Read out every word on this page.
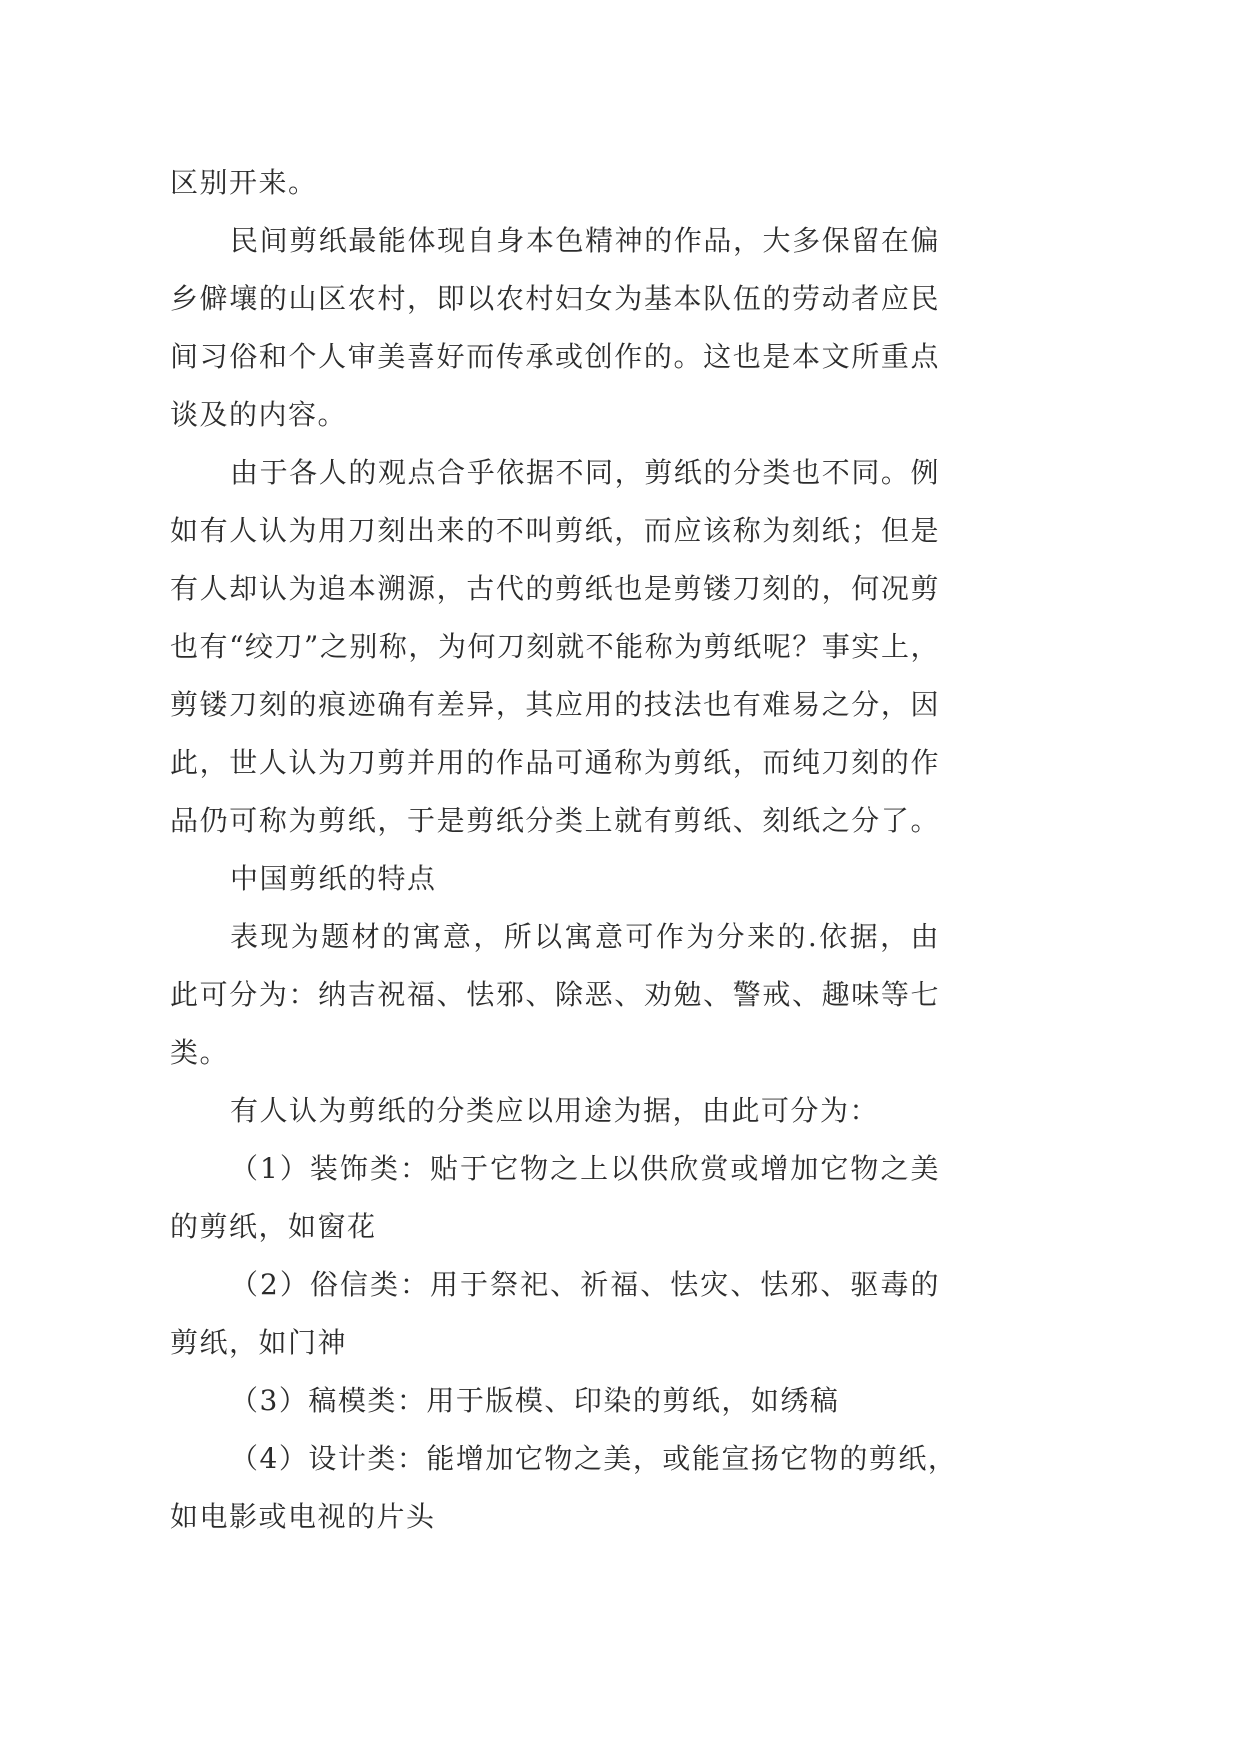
区别开来。
民间剪纸最能体现自身本色精神的作品，大多保留在偏
乡僻壤的山区农村，即以农村妇女为基本队伍的劳动者应民
间习俗和个人审美喜好而传承或创作的。这也是本文所重点
谈及的内容。
由于各人的观点合乎依据不同，剪纸的分类也不同。例
如有人认为用刀刻出来的不叫剪纸，而应该称为刻纸；但是
有人却认为追本溯源，古代的剪纸也是剪镂刀刻的，何况剪
也有“绞刀”之别称，为何刀刻就不能称为剪纸呢？事实上，
剪镂刀刻的痕迹确有差异，其应用的技法也有难易之分，因
此，世人认为刀剪并用的作品可通称为剪纸，而纯刀刻的作
品仍可称为剪纸，于是剪纸分类上就有剪纸、刻纸之分了。
中国剪纸的特点
表现为题材的寓意，所以寓意可作为分来的.依据，由
此可分为：纳吉祝福、怯邪、除恶、劝勉、警戒、趣味等七
类。
有人认为剪纸的分类应以用途为据，由此可分为：
（1）装饰类：贴于它物之上以供欣赏或增加它物之美
的剪纸，如窗花
（2）俗信类：用于祭祀、祈福、怯灾、怯邪、驱毒的
剪纸，如门神
（3）稿模类：用于版模、印染的剪纸，如绣稿
（4）设计类：能增加它物之美，或能宣扬它物的剪纸，
如电影或电视的片头
